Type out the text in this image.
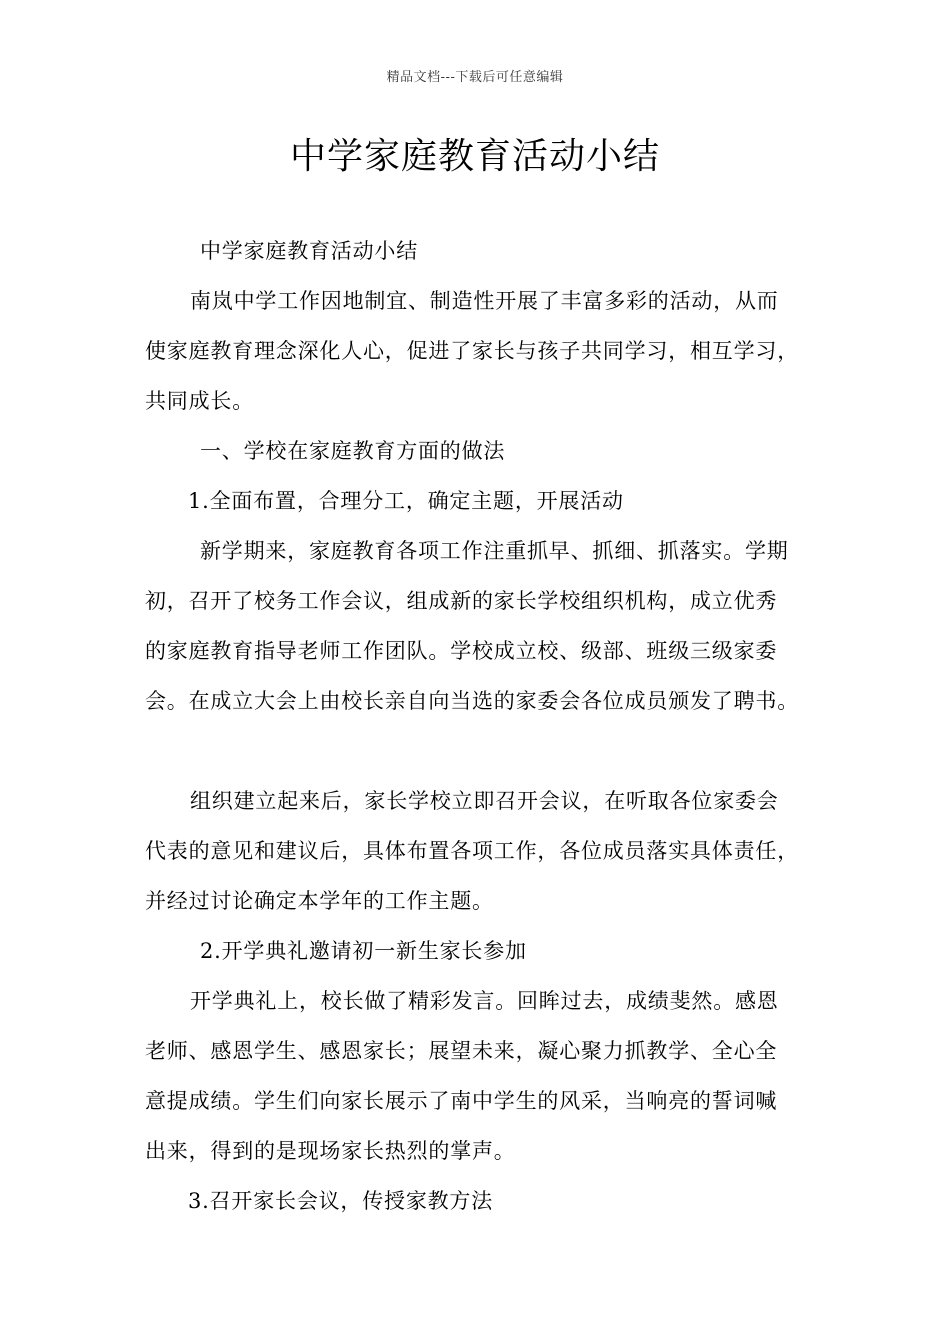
精品文档---下载后可任意编辑
中学家庭教育活动小结
中学家庭教育活动小结
南岚中学工作因地制宜、制造性开展了丰富多彩的活动，从而
使家庭教育理念深化人心，促进了家长与孩子共同学习，相互学习，
共同成长。
一、学校在家庭教育方面的做法
1.全面布置，合理分工，确定主题，开展活动
新学期来，家庭教育各项工作注重抓早、抓细、抓落实。学期
初，召开了校务工作会议，组成新的家长学校组织机构，成立优秀
的家庭教育指导老师工作团队。学校成立校、级部、班级三级家委
会。在成立大会上由校长亲自向当选的家委会各位成员颁发了聘书。
组织建立起来后，家长学校立即召开会议，在听取各位家委会
代表的意见和建议后，具体布置各项工作，各位成员落实具体责任，
并经过讨论确定本学年的工作主题。
2.开学典礼邀请初一新生家长参加
开学典礼上，校长做了精彩发言。回眸过去，成绩斐然。感恩
老师、感恩学生、感恩家长；展望未来，凝心聚力抓教学、全心全
意提成绩。学生们向家长展示了南中学生的风采，当响亮的誓词喊
出来，得到的是现场家长热烈的掌声。
3.召开家长会议，传授家教方法
